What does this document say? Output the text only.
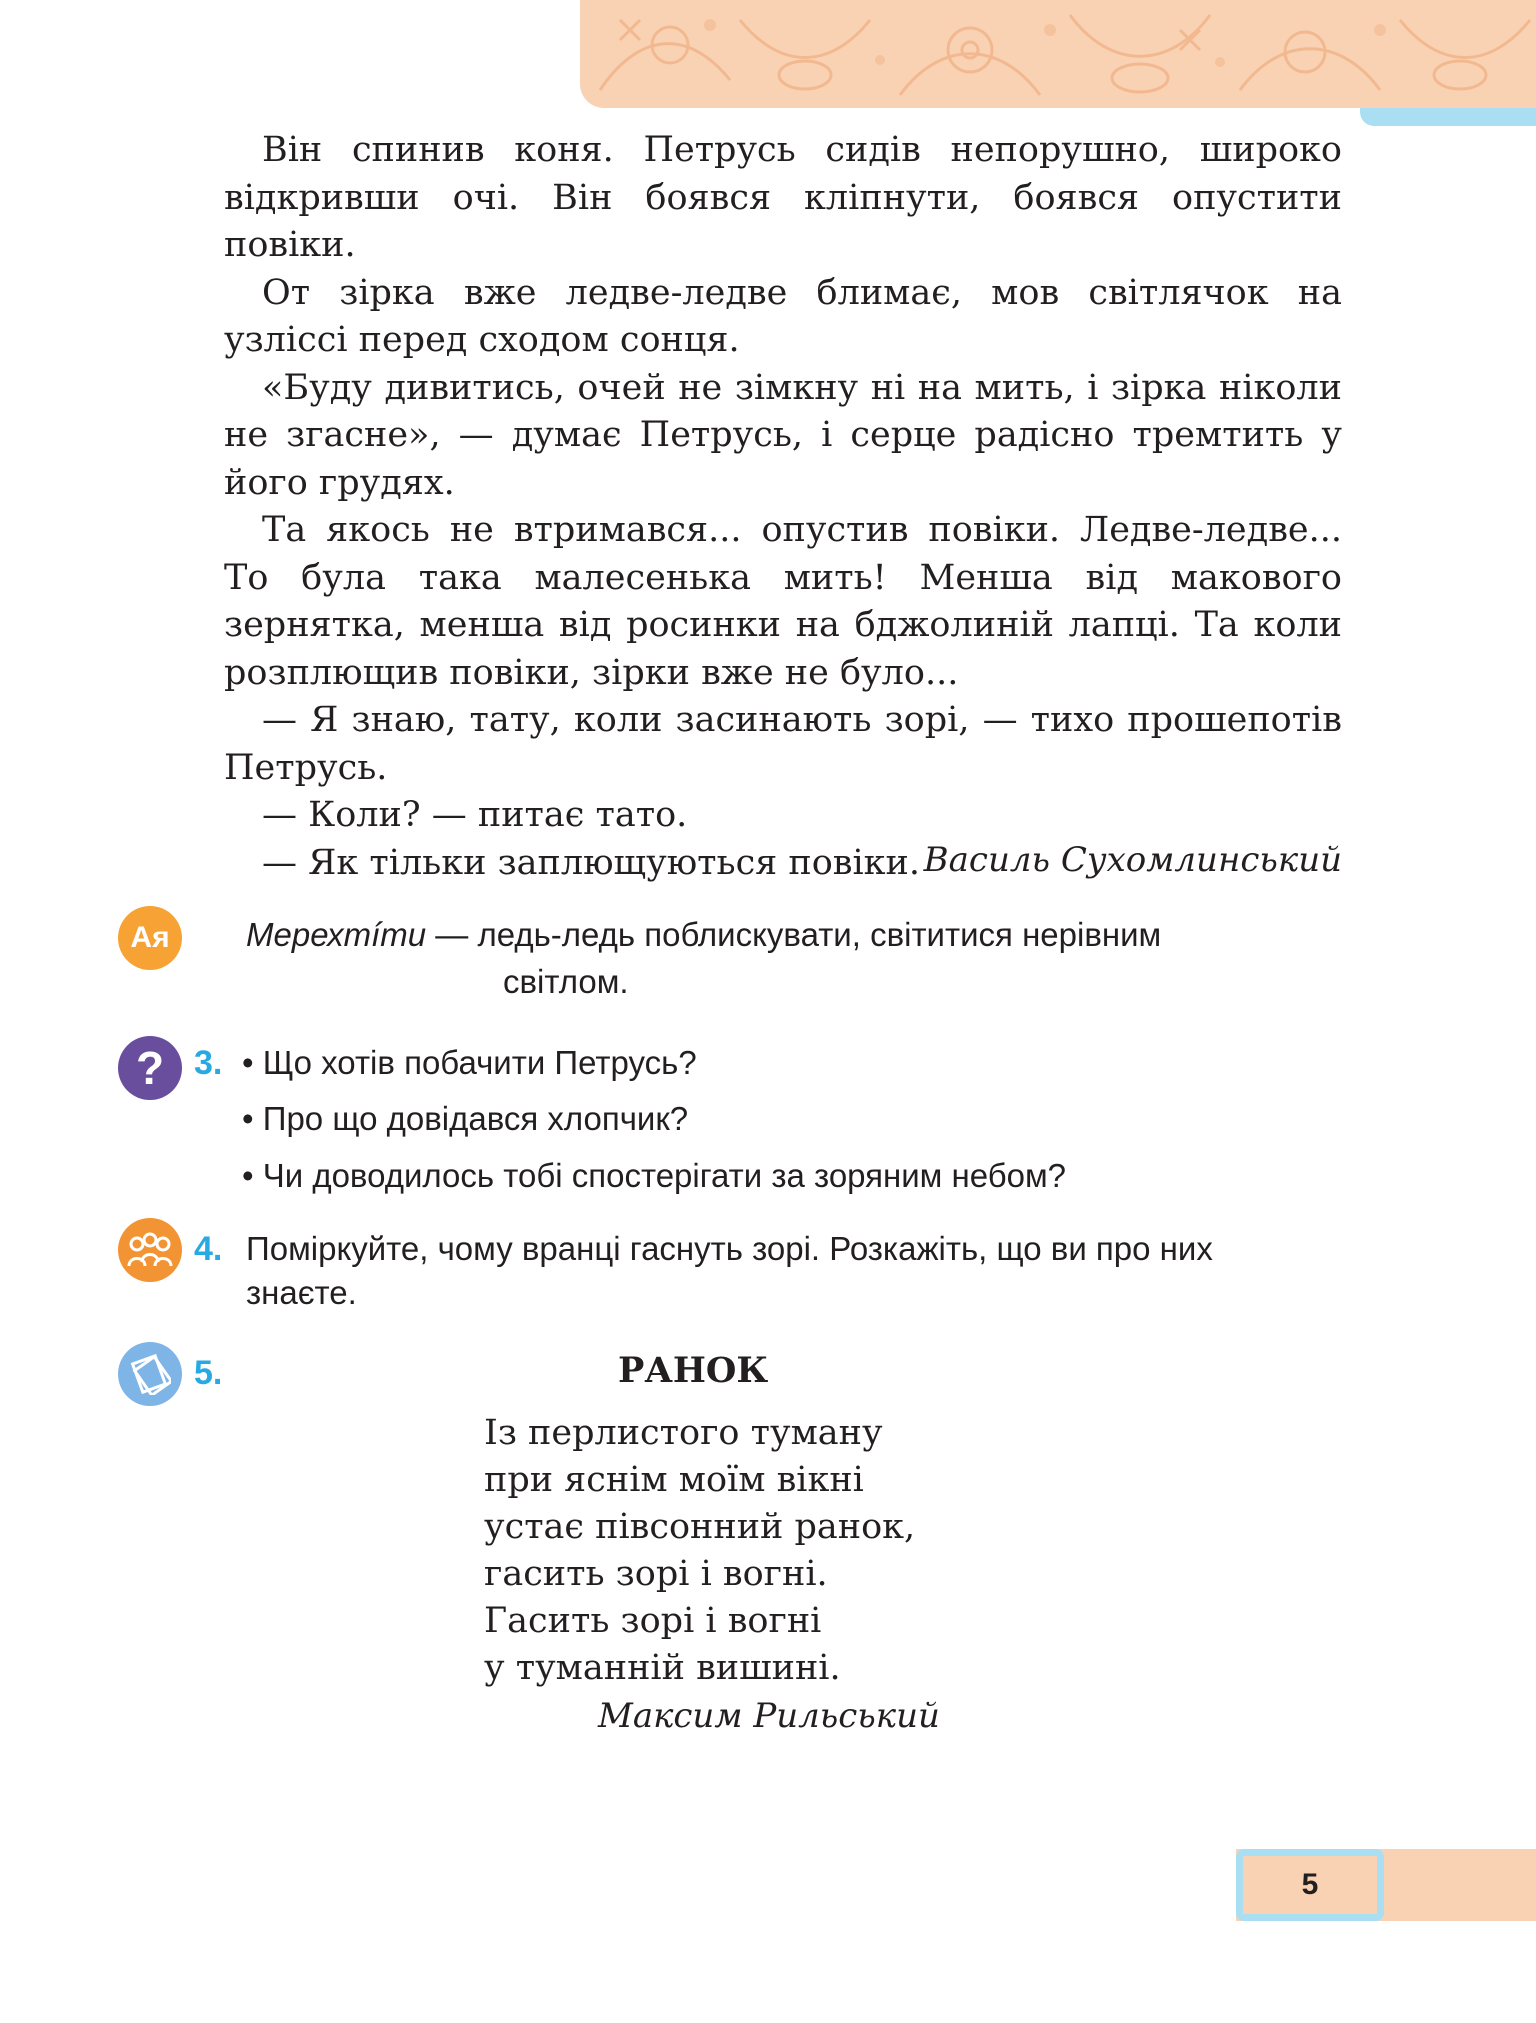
Він спинив коня. Петрусь сидів непорушно, широко відкривши очі. Він боявся кліпнути, боявся опустити повіки.

От зірка вже ледве-ледве блимає, мов світлячок на узліссі перед сходом сонця.

«Буду дивитись, очей не зімкну ні на мить, і зірка ніколи не згасне», — думає Петрусь, і серце радісно тремтить у його грудях.

Та якось не втримався... опустив повіки. Ледве-ледве... То була така малесенька мить! Менша від макового зернятка, менша від росинки на бджолиній лапці. Та коли розплющив повіки, зірки вже не було...

— Я знаю, тату, коли засинають зорі, — тихо прошепотів Петрусь.

— Коли? — питає тато.

— Як тільки заплющуються повіки. Василь Сухомлинський
Ая Мерехтíти — ледь-ледь поблискувати, світитися нерівним
світлом.
? 3. • Що хотів побачити Петрусь?
• Про що довідався хлопчик?
• Чи доводилось тобі спостерігати за зоряним небом?
4. Поміркуйте, чому вранці гаснуть зорі. Розкажіть, що ви про них
знаєте.
5.	РАНОК
Із перлистого туману
при яснім моїм вікні
устає півсонний ранок,
гасить зорі і вогні.
Гасить зорі і вогні
у туманній вишині.
Максим Рильський
5
